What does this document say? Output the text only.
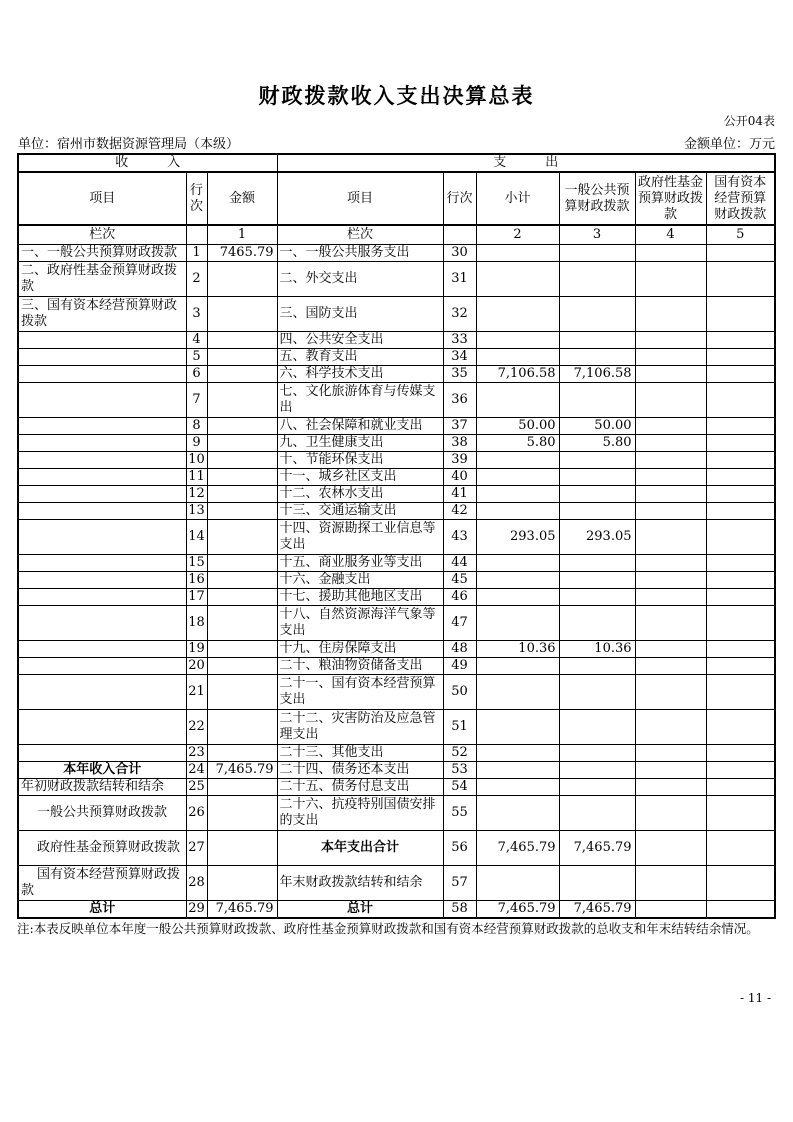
财政拨款收入支出决算总表
公开04表
单位：宿州市数据资源管理局（本级）	金额单位：万元
收入			支出					
项目	行次	金额	项目	行次	小计	一般公共预算财政拨款	政府性基金预算财政拨款	国有资本经营预算财政拨款
栏次		1	栏次		2	3	4	5
一、一般公共预算财政拨款	1	7465.79	一、一般公共服务支出	30				
二、政府性基金预算财政拨款	2		二、外交支出	31				
三、国有资本经营预算财政拨款	3		三、国防支出	32				
	4		四、公共安全支出	33				
	5		五、教育支出	34				
	6		六、科学技术支出	35	7,106.58	7,106.58		
	7		七、文化旅游体育与传媒支出	36				
	8		八、社会保障和就业支出	37	50.00	50.00		
	9		九、卫生健康支出	38	5.80	5.80		
	10		十、节能环保支出	39				
	11		十一、城乡社区支出	40				
	12		十二、农林水支出	41				
	13		十三、交通运输支出	42				
	14		十四、资源勘探工业信息等支出	43	293.05	293.05		
	15		十五、商业服务业等支出	44				
	16		十六、金融支出	45				
	17		十七、援助其他地区支出	46				
	18		十八、自然资源海洋气象等支出	47				
	19		十九、住房保障支出	48	10.36	10.36		
	20		二十、粮油物资储备支出	49				
	21		二十一、国有资本经营预算支出	50				
	22		二十二、灾害防治及应急管理支出	51				
	23		二十三、其他支出	52				
本年收入合计	24	7,465.79	二十四、债务还本支出	53				
年初财政拨款结转和结余	25		二十五、债务付息支出	54				
一般公共预算财政拨款	26		二十六、抗疫特别国债安排的支出	55				
政府性基金预算财政拨款	27		本年支出合计	56	7,465.79	7,465.79		
国有资本经营预算财政拨款	28		年末财政拨款结转和结余	57				
总计	29	7,465.79	总计	58	7,465.79	7,465.79		
注:本表反映单位本年度一般公共预算财政拨款、政府性基金预算财政拨款和国有资本经营预算财政拨款的总收支和年末结转结余情况。
- 11 -
